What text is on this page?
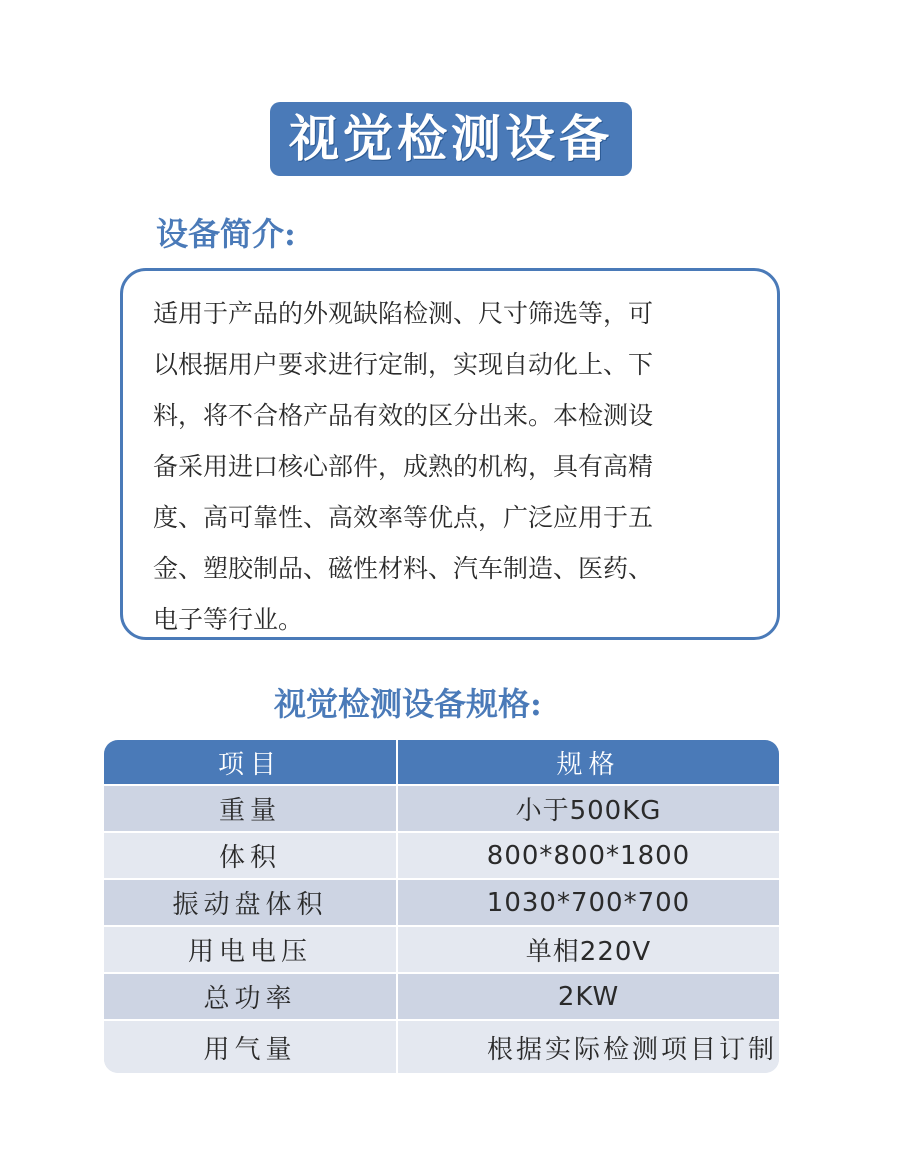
视觉检测设备
设备简介:
适用于产品的外观缺陷检测、尺寸筛选等，可
以根据用户要求进行定制，实现自动化上、下
料，将不合格产品有效的区分出来。本检测设
备采用进口核心部件，成熟的机构，具有高精
度、高可靠性、高效率等优点，广泛应用于五
金、塑胶制品、磁性材料、汽车制造、医药、
电子等行业。
视觉检测设备规格:
项目	规格
重量	小于500KG
体积	800*800*1800
振动盘体积	1030*700*700
用电电压	单相220V
总功率	2KW
用气量	根据实际检测项目订制
